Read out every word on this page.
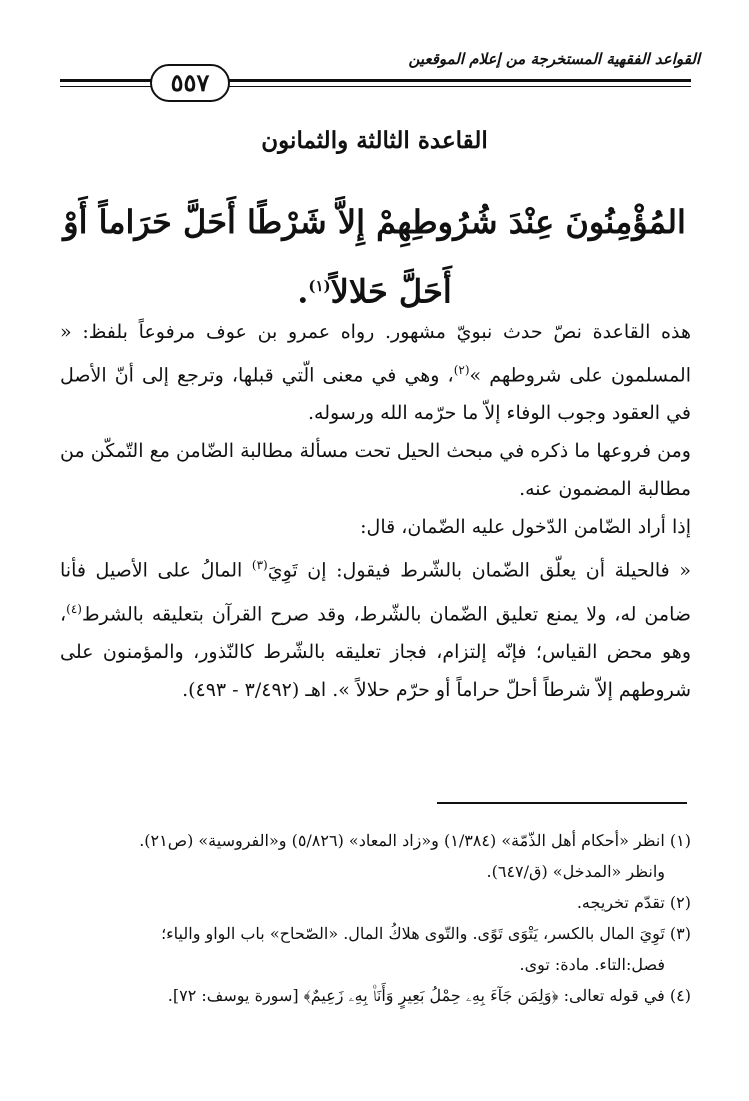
القواعد الفقهية المستخرجة من إعلام الموقعين
٥٥٧
القاعدة الثالثة والثمانون
المُؤْمِنُونَ عِنْدَ شُرُوطِهِمْ إِلاَّ شَرْطًا أَحَلَّ حَرَاماً أَوْ أَحَلَّ حَلالاً$^{(١)}$.

هذه القاعدة نصّ حدث نبويّ مشهور. رواه عمرو بن عوف مرفوعاً بلفظ: « المسلمون على شروطهم »$^{(٢)}$، وهي في معنى الّتي قبلها، وترجع إلى أنّ الأصل في العقود وجوب الوفاء إلاّ ما حرّمه الله ورسوله.

ومن فروعها ما ذكره في مبحث الحيل تحت مسألة مطالبة الضّامن مع التّمكّن من مطالبة المضمون عنه.

إذا أراد الضّامن الدّخول عليه الضّمان، قال:

« فالحيلة أن يعلّق الضّمان بالشّرط فيقول: إن تَوِيَ$^{(٣)}$ المالُ على الأصيل فأنا ضامن له، ولا يمنع تعليق الضّمان بالشّرط، وقد صرح القرآن بتعليقه بالشرط$^{(٤)}$، وهو محض القياس؛ فإنّه إلتزام، فجاز تعليقه بالشّرط كالنّذور، والمؤمنون على شروطهم إلاّ شرطاً أحلّ حراماً أو حرّم حلالاً ». اهـ (٣/٤٩٢ - ٤٩٣).

(١) انظر «أحكام أهل الذّمّة» (١/٣٨٤) و«زاد المعاد» (٥/٨٢٦) و«الفروسية» (ص٢١).

وانظر «المدخل» (ق/٦٤٧).

(٢) تقدّم تخريجه.

(٣) تَوِيَ المال بالكسر، يَتْوَى تَوًى. والتّوى هلاكُ المال. «الصّحاح» باب الواو والياء؛

فصل:التاء. مادة: توى.

(٤) في قوله تعالى: ﴿وَلِمَن جَآءَ بِهِۦ حِمْلُ بَعِيرٍ وَأَنَا۠ بِهِۦ زَعِيمٌ﴾ [سورة يوسف: ٧٢].
